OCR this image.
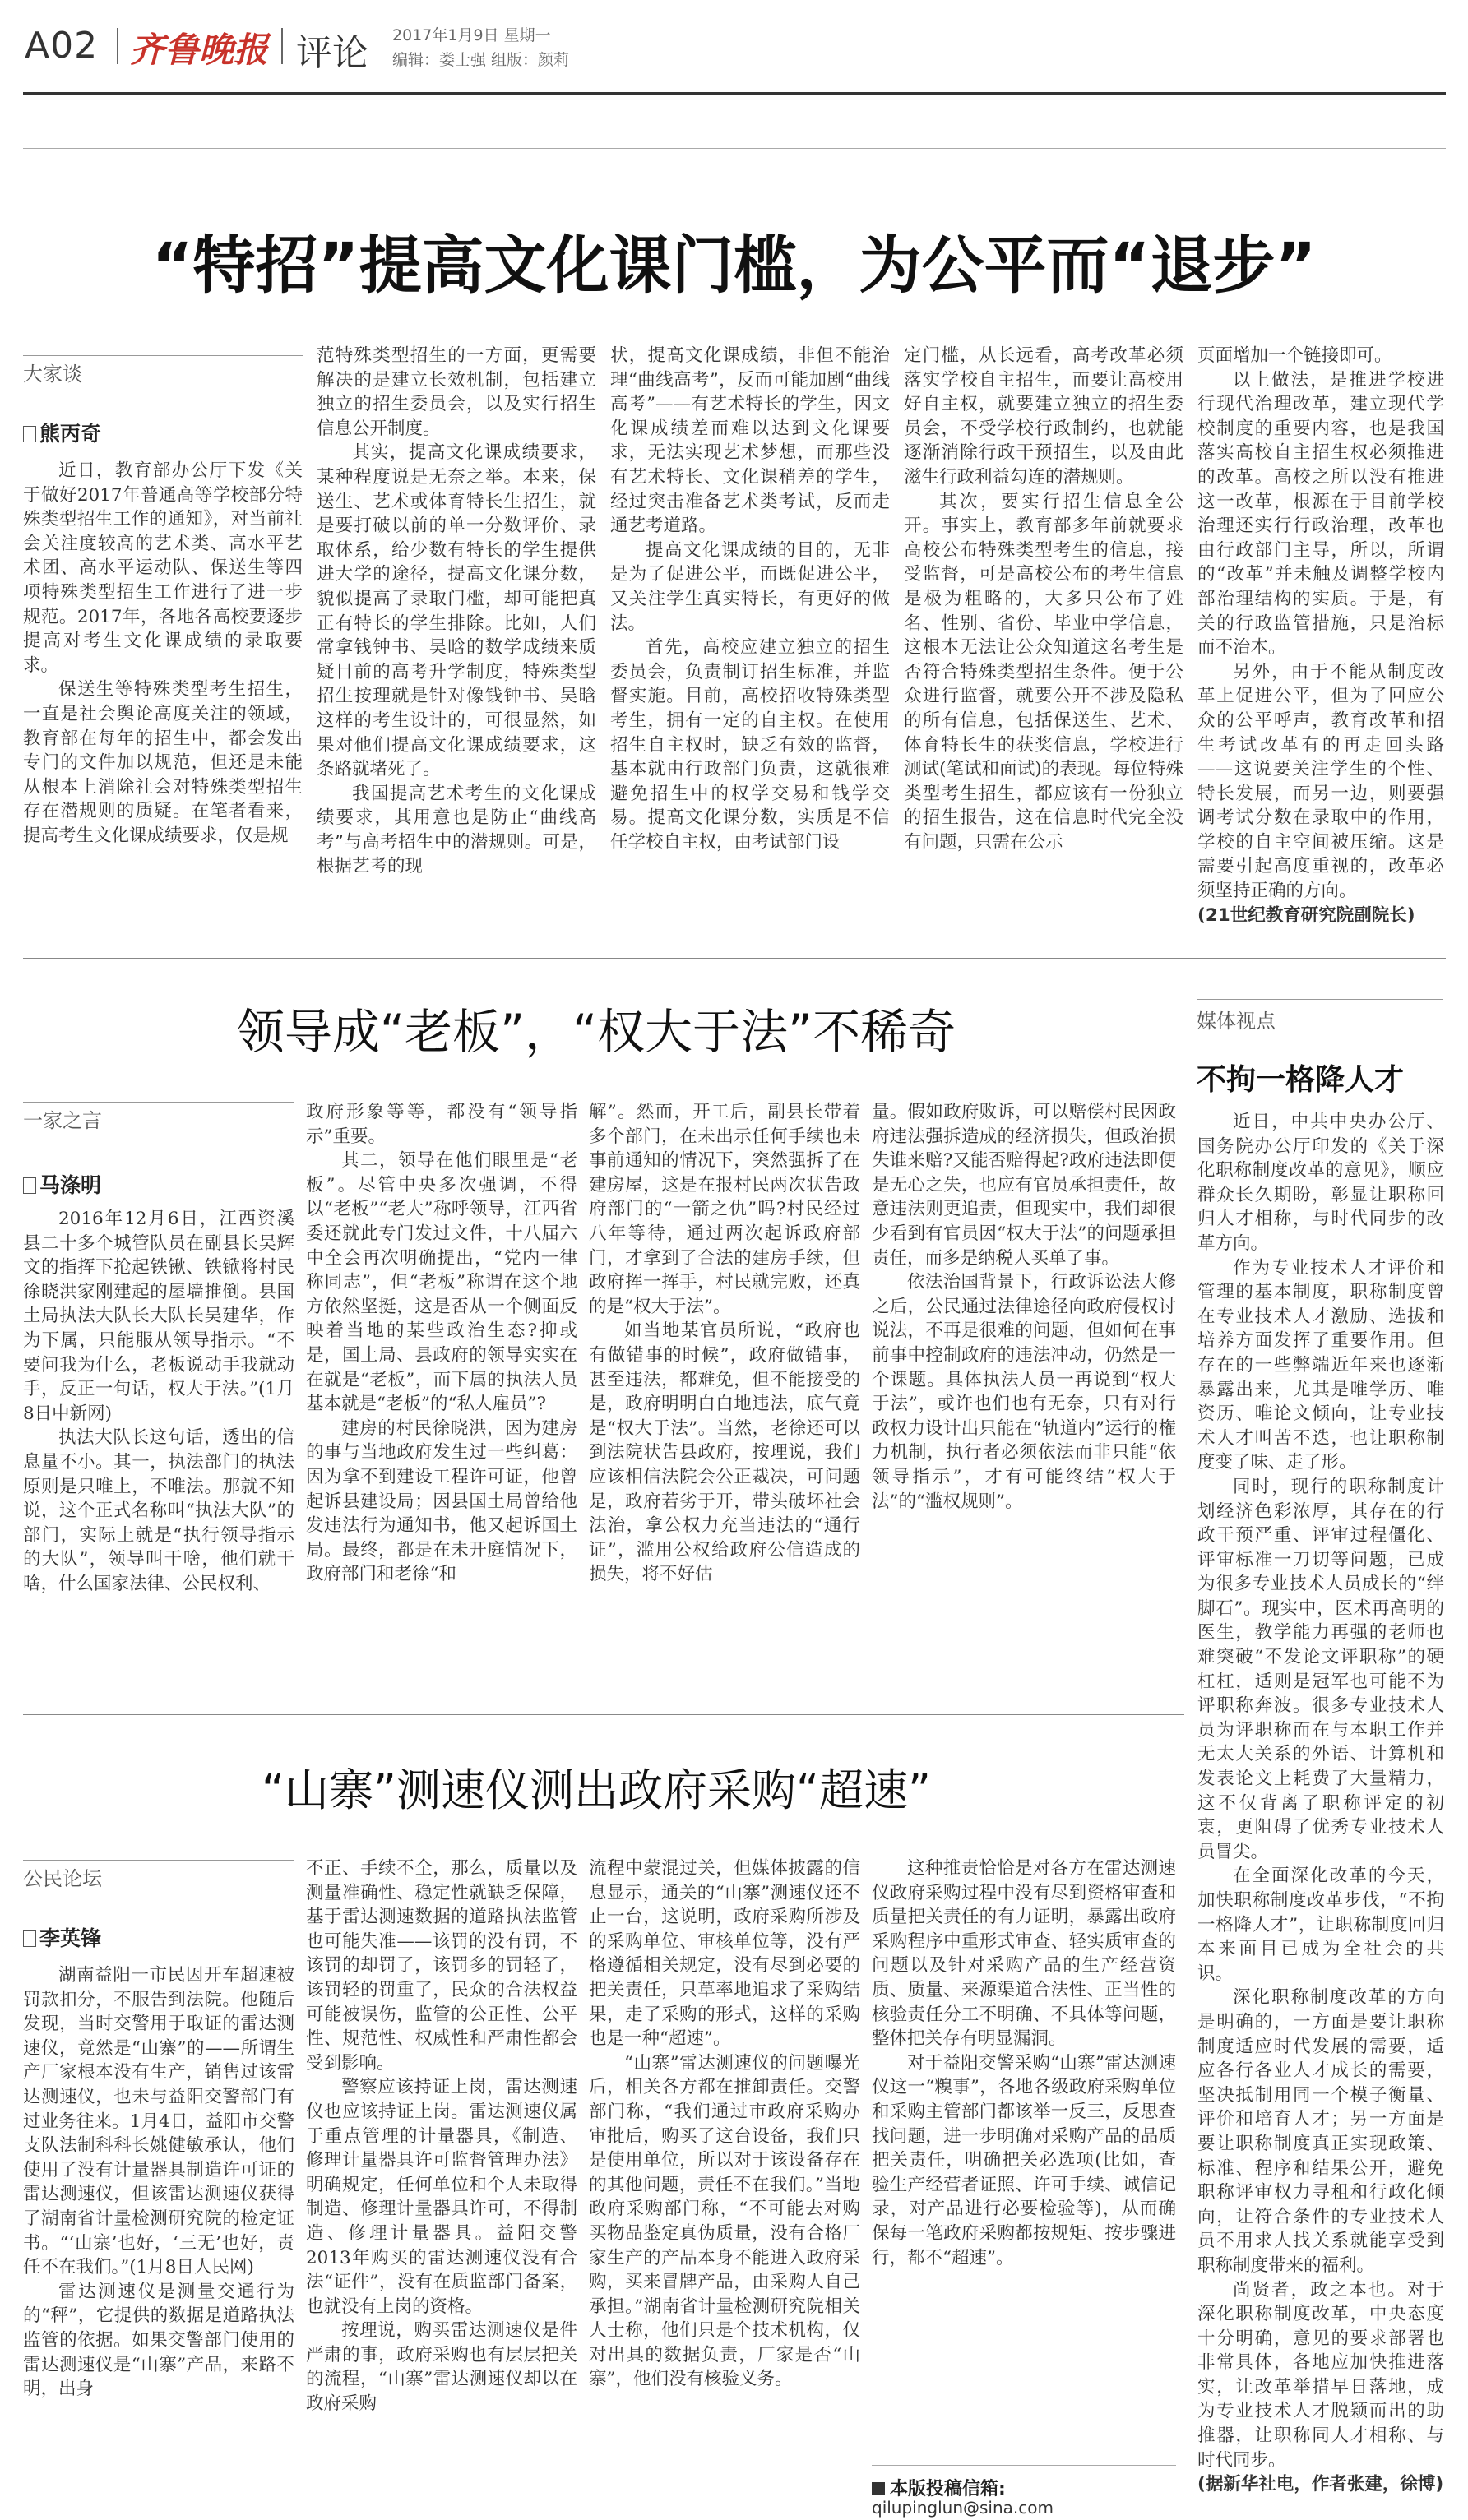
A02 齐鲁晚报 评论 2017年1月9日 星期一
编辑：娄士强 组版：颜莉
“特招”提高文化课门槛，为公平而“退步”
大家谈
熊丙奇

近日，教育部办公厅下发《关于做好2017年普通高等学校部分特殊类型招生工作的通知》，对当前社会关注度较高的艺术类、高水平艺术团、高水平运动队、保送生等四项特殊类型招生工作进行了进一步规范。2017年，各地各高校要逐步提高对考生文化课成绩的录取要求。

保送生等特殊类型考生招生，一直是社会舆论高度关注的领域，教育部在每年的招生中，都会发出专门的文件加以规范，但还是未能从根本上消除社会对特殊类型招生存在潜规则的质疑。在笔者看来，提高考生文化课成绩要求，仅是规

范特殊类型招生的一方面，更需要解决的是建立长效机制，包括建立独立的招生委员会，以及实行招生信息公开制度。

其实，提高文化课成绩要求，某种程度说是无奈之举。本来，保送生、艺术或体育特长生招生，就是要打破以前的单一分数评价、录取体系，给少数有特长的学生提供进大学的途径，提高文化课分数，貌似提高了录取门槛，却可能把真正有特长的学生排除。比如，人们常拿钱钟书、吴晗的数学成绩来质疑目前的高考升学制度，特殊类型招生按理就是针对像钱钟书、吴晗这样的考生设计的，可很显然，如果对他们提高文化课成绩要求，这条路就堵死了。

我国提高艺术考生的文化课成绩要求，其用意也是防止“曲线高考”与高考招生中的潜规则。可是，根据艺考的现

状，提高文化课成绩，非但不能治理“曲线高考”，反而可能加剧“曲线高考”——有艺术特长的学生，因文化课成绩差而难以达到文化课要求，无法实现艺术梦想，而那些没有艺术特长、文化课稍差的学生，经过突击准备艺术类考试，反而走通艺考道路。

提高文化课成绩的目的，无非是为了促进公平，而既促进公平，又关注学生真实特长，有更好的做法。

首先，高校应建立独立的招生委员会，负责制订招生标准，并监督实施。目前，高校招收特殊类型考生，拥有一定的自主权。在使用招生自主权时，缺乏有效的监督，基本就由行政部门负责，这就很难避免招生中的权学交易和钱学交易。提高文化课分数，实质是不信任学校自主权，由考试部门设

定门槛，从长远看，高考改革必须落实学校自主招生，而要让高校用好自主权，就要建立独立的招生委员会，不受学校行政制约，也就能逐渐消除行政干预招生，以及由此滋生行政利益勾连的潜规则。

其次，要实行招生信息全公开。事实上，教育部多年前就要求高校公布特殊类型考生的信息，接受监督，可是高校公布的考生信息是极为粗略的，大多只公布了姓名、性别、省份、毕业中学信息，这根本无法让公众知道这名考生是否符合特殊类型招生条件。便于公众进行监督，就要公开不涉及隐私的所有信息，包括保送生、艺术、体育特长生的获奖信息，学校进行测试(笔试和面试)的表现。每位特殊类型考生招生，都应该有一份独立的招生报告，这在信息时代完全没有问题，只需在公示

页面增加一个链接即可。

以上做法，是推进学校进行现代治理改革，建立现代学校制度的重要内容，也是我国落实高校自主招生权必须推进的改革。高校之所以没有推进这一改革，根源在于目前学校治理还实行行政治理，改革也由行政部门主导，所以，所谓的“改革”并未触及调整学校内部治理结构的实质。于是，有关的行政监管措施，只是治标而不治本。

另外，由于不能从制度改革上促进公平，但为了回应公众的公平呼声，教育改革和招生考试改革有的再走回头路——这说要关注学生的个性、特长发展，而另一边，则要强调考试分数在录取中的作用，学校的自主空间被压缩。这是需要引起高度重视的，改革必须坚持正确的方向。

(21世纪教育研究院副院长)

领导成“老板”，“权大于法”不稀奇
一家之言
马涤明

2016年12月6日，江西资溪县二十多个城管队员在副县长吴辉文的指挥下抢起铁锹、铁锨将村民徐晓洪家刚建起的屋墙推倒。县国土局执法大队长大队长吴建华，作为下属，只能服从领导指示。“不要问我为什么，老板说动手我就动手，反正一句话，权大于法。”(1月8日中新网)

执法大队长这句话，透出的信息量不小。其一，执法部门的执法原则是只唯上，不唯法。那就不知说，这个正式名称叫“执法大队”的部门，实际上就是“执行领导指示的大队”，领导叫干啥，他们就干啥，什么国家法律、公民权利、

政府形象等等，都没有“领导指示”重要。

其二，领导在他们眼里是“老板”。尽管中央多次强调，不得以“老板”“老大”称呼领导，江西省委还就此专门发过文件，十八届六中全会再次明确提出，“党内一律称同志”，但“老板”称谓在这个地方依然坚挺，这是否从一个侧面反映着当地的某些政治生态?抑或是，国土局、县政府的领导实实在在就是“老板”，而下属的执法人员基本就是“老板”的“私人雇员”?

建房的村民徐晓洪，因为建房的事与当地政府发生过一些纠葛：因为拿不到建设工程许可证，他曾起诉县建设局；因县国土局曾给他发违法行为通知书，他又起诉国土局。最终，都是在未开庭情况下，政府部门和老徐“和

解”。然而，开工后，副县长带着多个部门，在未出示任何手续也未事前通知的情况下，突然强拆了在建房屋，这是在报村民两次状告政府部门的“一箭之仇”吗?村民经过八年等待，通过两次起诉政府部门，才拿到了合法的建房手续，但政府挥一挥手，村民就完败，还真的是“权大于法”。

如当地某官员所说，“政府也有做错事的时候”，政府做错事，甚至违法，都难免，但不能接受的是，政府明明白白地违法，底气竟是“权大于法”。当然，老徐还可以到法院状告县政府，按理说，我们应该相信法院会公正裁决，可问题是，政府若劣于开，带头破坏社会法治，拿公权力充当违法的“通行证”，滥用公权给政府公信造成的损失，将不好估

量。假如政府败诉，可以赔偿村民因政府违法强拆造成的经济损失，但政治损失谁来赔?又能否赔得起?政府违法即便是无心之失，也应有官员承担责任，故意违法则更追责，但现实中，我们却很少看到有官员因“权大于法”的问题承担责任，而多是纳税人买单了事。

依法治国背景下，行政诉讼法大修之后，公民通过法律途径向政府侵权讨说法，不再是很难的问题，但如何在事前事中控制政府的违法冲动，仍然是一个课题。具体执法人员一再说到“权大于法”，或许也们也有无奈，只有对行政权力设计出只能在“轨道内”运行的権力机制，执行者必须依法而非只能“依领导指示”，才有可能终结“权大于法”的“滥权规则”。

“山寨”测速仪测出政府采购“超速”
公民论坛
李英锋

湖南益阳一市民因开车超速被罚款扣分，不服告到法院。他随后发现，当时交警用于取证的雷达测速仪，竟然是“山寨”的——所谓生产厂家根本没有生产，销售过该雷达测速仪，也未与益阳交警部门有过业务往来。1月4日，益阳市交警支队法制科科长姚健敏承认，他们使用了没有计量器具制造许可证的雷达测速仪，但该雷达测速仪获得了湖南省计量检测研究院的检定证书。“‘山寨’也好，‘三无’也好，责任不在我们。”(1月8日人民网)

雷达测速仪是测量交通行为的“秤”，它提供的数据是道路执法监管的依据。如果交警部门使用的雷达测速仪是“山寨”产品，来路不明，出身

不正、手续不全，那么，质量以及测量准确性、稳定性就缺乏保障，基于雷达测速数据的道路执法监管也可能失准——该罚的没有罚，不该罚的却罚了，该罚多的罚轻了，该罚轻的罚重了，民众的合法权益可能被误伤，监管的公正性、公平性、规范性、权威性和严肃性都会受到影响。

警察应该持证上岗，雷达测速仪也应该持证上岗。雷达测速仪属于重点管理的计量器具，《制造、修理计量器具许可监督管理办法》明确规定，任何单位和个人未取得制造、修理计量器具许可，不得制造、修理计量器具。益阳交警2013年购买的雷达测速仪没有合法“证件”，没有在质监部门备案，也就没有上岗的资格。

按理说，购买雷达测速仪是件严肃的事，政府采购也有层层把关的流程，“山寨”雷达测速仪却以在政府采购

流程中蒙混过关，但媒体披露的信息显示，通关的“山寨”测速仪还不止一台，这说明，政府采购所涉及的采购单位、审核单位等，没有严格遵循相关规定，没有尽到必要的把关责任，只草率地追求了采购结果，走了采购的形式，这样的采购也是一种“超速”。

“山寨”雷达测速仪的问题曝光后，相关各方都在推卸责任。交警部门称，“我们通过市政府采购办审批后，购买了这台设备，我们只是使用单位，所以对于该设备存在的其他问题，责任不在我们。”当地政府采购部门称，“不可能去对购买物品鉴定真伪质量，没有合格厂家生产的产品本身不能进入政府采购，买来冒牌产品，由采购人自己承担。”湖南省计量检测研究院相关人士称，他们只是个技术机构，仅对出具的数据负责，厂家是否“山寨”，他们没有核验义务。

这种推责恰恰是对各方在雷达测速仪政府采购过程中没有尽到资格审查和质量把关责任的有力证明，暴露出政府采购程序中重形式审查、轻实质审查的问题以及针对采购产品的生产经营资质、质量、来源渠道合法性、正当性的核验责任分工不明确、不具体等问题，整体把关存有明显漏洞。

对于益阳交警采购“山寨”雷达测速仪这一“糗事”，各地各级政府采购单位和采购主管部门都该举一反三，反思查找问题，进一步明确对采购产品的品质把关责任，明确把关必选项(比如，查验生产经营者证照、许可手续、诚信记录，对产品进行必要检验等)，从而确保每一笔政府采购都按规矩、按步骤进行，都不“超速”。

本版投稿信箱:
qilupinglun@sina.com
媒体视点
不拘一格降人才

近日，中共中央办公厅、国务院办公厅印发的《关于深化职称制度改革的意见》，顺应群众长久期盼，彰显让职称回归人才相称，与时代同步的改革方向。

作为专业技术人才评价和管理的基本制度，职称制度曾在专业技术人才激励、选拔和培养方面发挥了重要作用。但存在的一些弊端近年来也逐渐暴露出来，尤其是唯学历、唯资历、唯论文倾向，让专业技术人才叫苦不迭，也让职称制度变了味、走了形。

同时，现行的职称制度计划经济色彩浓厚，其存在的行政干预严重、评审过程僵化、评审标准一刀切等问题，已成为很多专业技术人员成长的“绊脚石”。现实中，医术再高明的医生，教学能力再强的老师也难突破“不发论文评职称”的硬杠杠，适则是冠军也可能不为评职称奔波。很多专业技术人员为评职称而在与本职工作并无太大关系的外语、计算机和发表论文上耗费了大量精力，这不仅背离了职称评定的初衷，更阻碍了优秀专业技术人员冒尖。

在全面深化改革的今天，加快职称制度改革步伐，“不拘一格降人才”，让职称制度回归本来面目已成为全社会的共识。

深化职称制度改革的方向是明确的，一方面是要让职称制度适应时代发展的需要，适应各行各业人才成长的需要，坚决抵制用同一个模子衡量、评价和培育人才；另一方面是要让职称制度真正实现政策、标准、程序和结果公开，避免职称评审权力寻租和行政化倾向，让符合条件的专业技术人员不用求人找关系就能享受到职称制度带来的福利。

尚贤者，政之本也。对于深化职称制度改革，中央态度十分明确，意见的要求部署也非常具体，各地应加快推进落实，让改革举措早日落地，成为专业技术人才脱颖而出的助推器，让职称同人才相称、与时代同步。

(据新华社电，作者张建，徐博)
